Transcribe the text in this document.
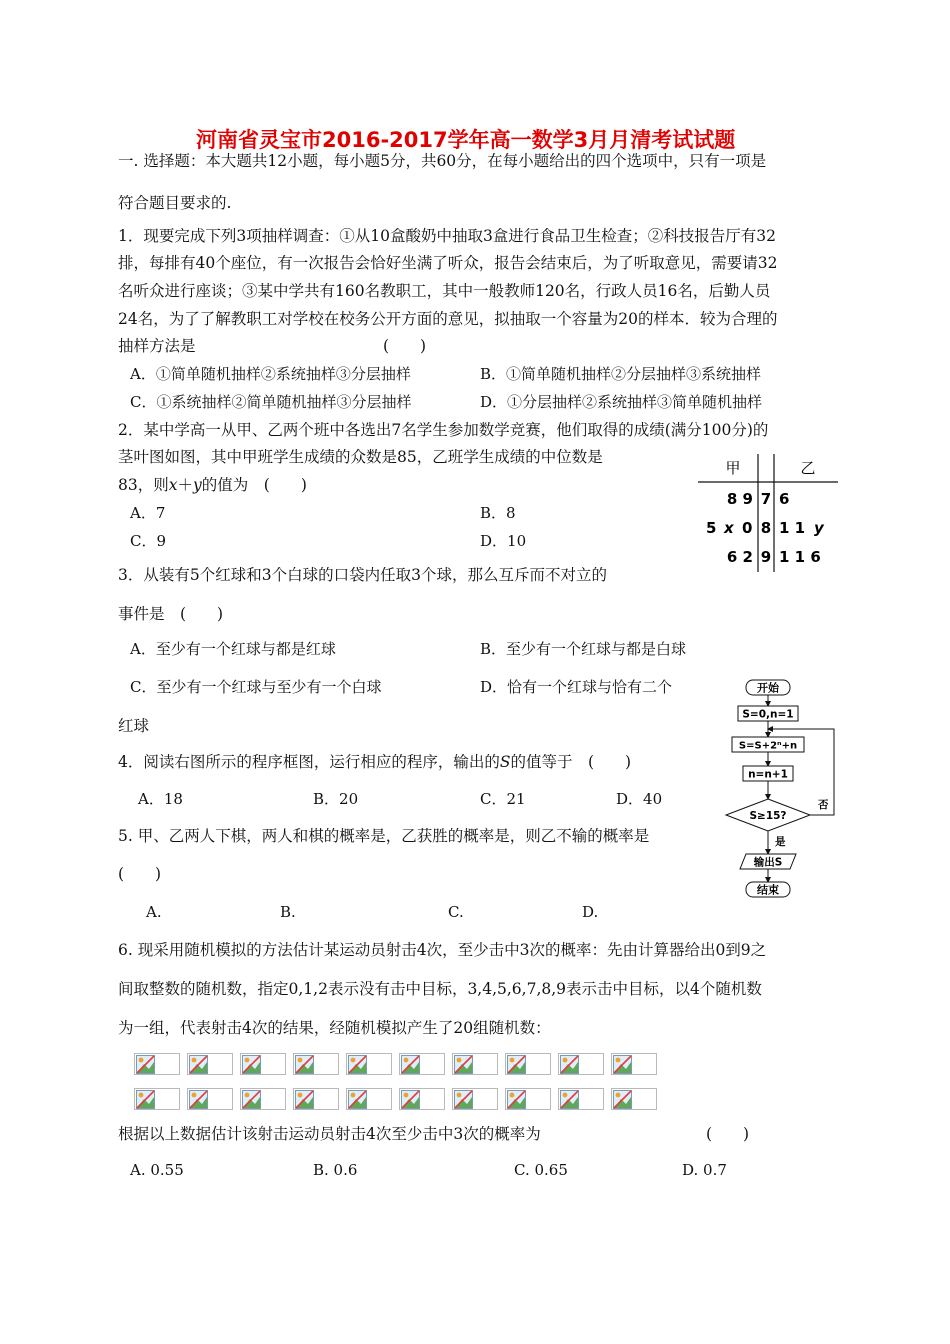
河南省灵宝市2016-2017学年高一数学3月月清考试试题
一. 选择题：本大题共12小题，每小题5分，共60分，在每小题给出的四个选项中，只有一项是
符合题目要求的.
1．现要完成下列3项抽样调查：①从10盒酸奶中抽取3盒进行食品卫生检查；②科技报告厅有32
排，每排有40个座位，有一次报告会恰好坐满了听众，报告会结束后，为了听取意见，需要请32
名听众进行座谈；③某中学共有160名教职工，其中一般教师120名，行政人员16名，后勤人员
24名，为了了解教职工对学校在校务公开方面的意见，拟抽取一个容量为20的样本．较为合理的
抽样方法是	(　　)
A．①简单随机抽样②系统抽样③分层抽样	B．①简单随机抽样②分层抽样③系统抽样
C．①系统抽样②简单随机抽样③分层抽样	D．①分层抽样②系统抽样③简单随机抽样
2．某中学高一从甲、乙两个班中各选出7名学生参加数学竞赛，他们取得的成绩(满分100分)的
茎叶图如图，其中甲班学生成绩的众数是85，乙班学生成绩的中位数是
83，则x＋y的值为　(　　)
A．7	B．8
C．9	D．10
甲	乙
8 9 7 6
5 x 0 8 1 1 y
6 2 9 1 1 6
3．从装有5个红球和3个白球的口袋内任取3个球，那么互斥而不对立的
事件是　(　　)
A．至少有一个红球与都是红球	B．至少有一个红球与都是白球
C．至少有一个红球与至少有一个白球	D．恰有一个红球与恰有二个
红球
开始
S=0,n=1
S=S+2ⁿ+n
n=n+1
S≥15?
否
是
输出S
结束
4．阅读右图所示的程序框图，运行相应的程序，输出的S的值等于　(　　)
A．18	B．20	C．21	D．40
5. 甲、乙两人下棋，两人和棋的概率是，乙获胜的概率是，则乙不输的概率是
(　　)
A.	B.	C.	D.
6. 现采用随机模拟的方法估计某运动员射击4次，至少击中3次的概率：先由计算器给出0到9之
间取整数的随机数，指定0,1,2表示没有击中目标，3,4,5,6,7,8,9表示击中目标，以4个随机数
为一组，代表射击4次的结果，经随机模拟产生了20组随机数：
根据以上数据估计该射击运动员射击4次至少击中3次的概率为	(　　)
A. 0.55	B. 0.6	C. 0.65	D. 0.7
